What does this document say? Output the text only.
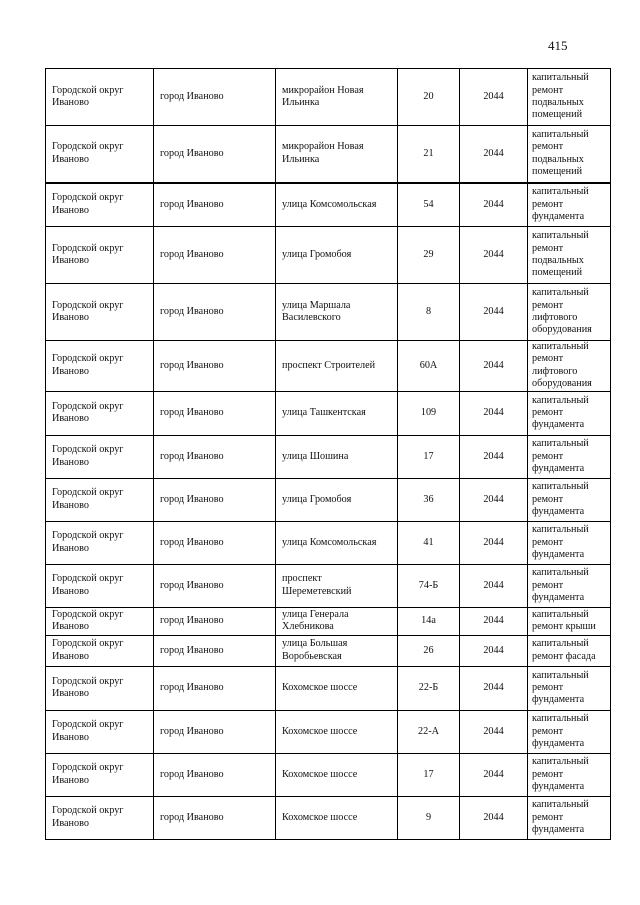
415
Городской округ Иваново	город Иваново	микрорайон Новая Ильинка	20	2044	капитальный ремонт подвальных помещений
Городской округ Иваново	город Иваново	микрорайон Новая Ильинка	21	2044	капитальный ремонт подвальных помещений
Городской округ Иваново	город Иваново	улица Комсомольская	54	2044	капитальный ремонт фундамента
Городской округ Иваново	город Иваново	улица Громобоя	29	2044	капитальный ремонт подвальных помещений
Городской округ Иваново	город Иваново	улица Маршала Василевского	8	2044	капитальный ремонт лифтового оборудования
Городской округ Иваново	город Иваново	проспект Строителей	60А	2044	капитальный ремонт лифтового оборудования
Городской округ Иваново	город Иваново	улица Ташкентская	109	2044	капитальный ремонт фундамента
Городской округ Иваново	город Иваново	улица Шошина	17	2044	капитальный ремонт фундамента
Городской округ Иваново	город Иваново	улица Громобоя	36	2044	капитальный ремонт фундамента
Городской округ Иваново	город Иваново	улица Комсомольская	41	2044	капитальный ремонт фундамента
Городской округ Иваново	город Иваново	проспект Шереметевский	74-Б	2044	капитальный ремонт фундамента
Городской округ Иваново	город Иваново	улица Генерала Хлебникова	14а	2044	капитальный ремонт крыши
Городской округ Иваново	город Иваново	улица Большая Воробьевская	26	2044	капитальный ремонт фасада
Городской округ Иваново	город Иваново	Кохомское шоссе	22-Б	2044	капитальный ремонт фундамента
Городской округ Иваново	город Иваново	Кохомское шоссе	22-А	2044	капитальный ремонт фундамента
Городской округ Иваново	город Иваново	Кохомское шоссе	17	2044	капитальный ремонт фундамента
Городской округ Иваново	город Иваново	Кохомское шоссе	9	2044	капитальный ремонт фундамента
